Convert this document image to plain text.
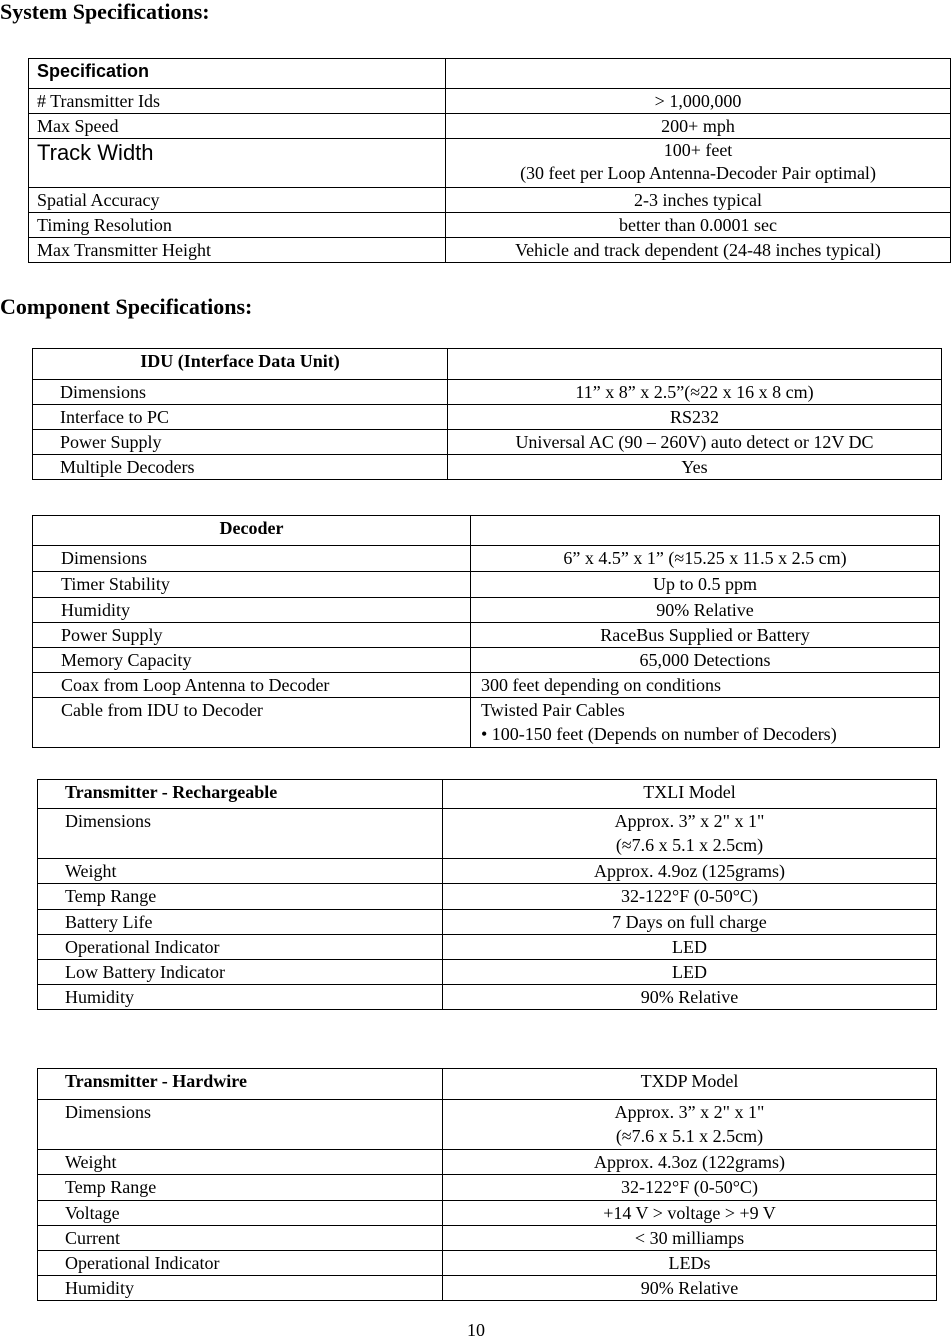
System Specifications:
Specification	
# Transmitter Ids	> 1,000,000
Max Speed	200+ mph
Track Width	100+ feet
(30 feet per Loop Antenna-Decoder Pair optimal)

Spatial Accuracy	2-3 inches typical
Timing Resolution	better than 0.0001 sec
Max Transmitter Height	Vehicle and track dependent (24-48 inches typical)
Component Specifications:
IDU (Interface Data Unit)	
Dimensions	11” x 8” x 2.5”(≈22 x 16 x 8 cm)
Interface to PC	RS232
Power Supply	Universal AC (90 – 260V) auto detect or 12V DC
Multiple Decoders	Yes
Decoder	
Dimensions	6” x 4.5” x 1” (≈15.25 x 11.5 x 2.5 cm)
Timer Stability	Up to 0.5 ppm
Humidity	90% Relative
Power Supply	RaceBus Supplied or Battery
Memory Capacity	65,000 Detections
Coax from Loop Antenna to Decoder	300 feet depending on conditions
Cable from IDU to Decoder	Twisted Pair Cables
• 100-150 feet (Depends on number of Decoders)
Transmitter - Rechargeable	TXLI Model
Dimensions	Approx. 3” x 2" x 1"
(≈7.6 x 5.1 x 2.5cm)

Weight	Approx. 4.9oz (125grams)
Temp Range	32-122°F (0-50°C)
Battery Life	7 Days on full charge
Operational Indicator	LED
Low Battery Indicator	LED
Humidity	90% Relative
Transmitter - Hardwire	TXDP Model
Dimensions	Approx. 3” x 2" x 1"
(≈7.6 x 5.1 x 2.5cm)

Weight	Approx. 4.3oz (122grams)
Temp Range	32-122°F (0-50°C)
Voltage	+14 V > voltage > +9 V
Current	< 30 milliamps
Operational Indicator	LEDs
Humidity	90% Relative
10
